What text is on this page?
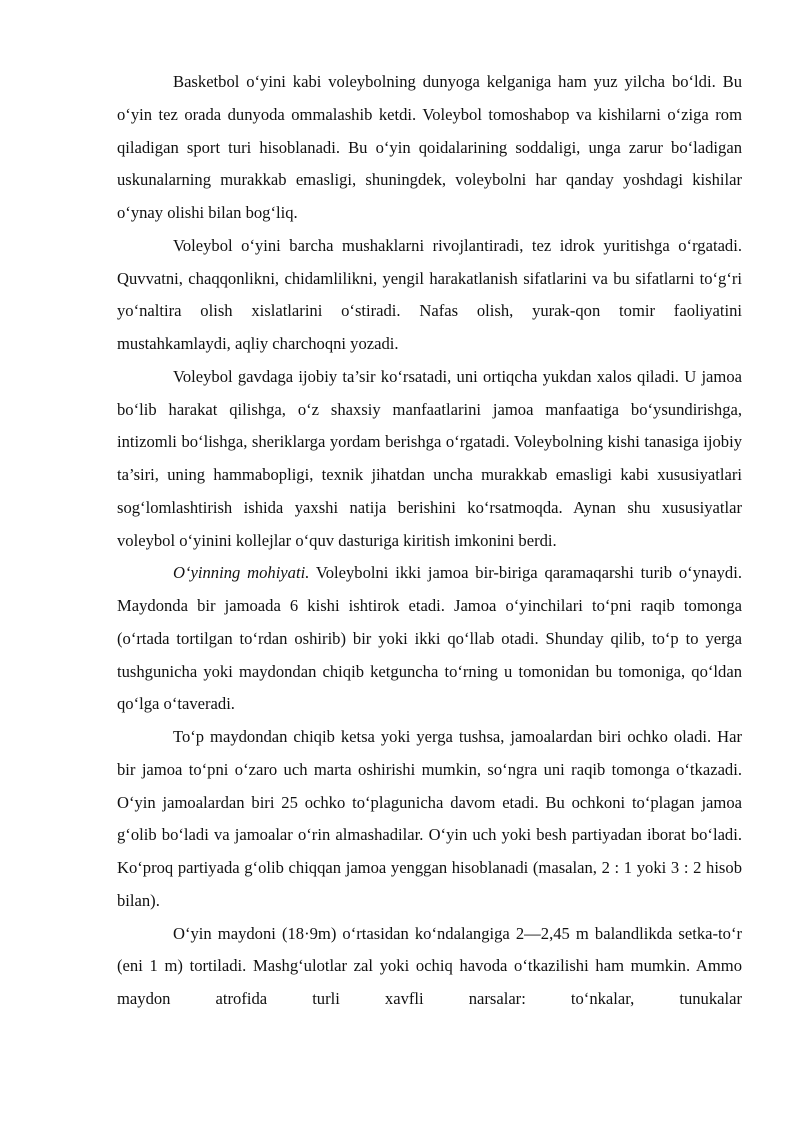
Basketbol o‘yini kabi voleybolning dunyoga kelganiga ham yuz yilcha bo‘ldi. Bu o‘yin tez orada dunyoda ommalashib ketdi. Voleybol tomoshabop va kishilarni o‘ziga rom qiladigan sport turi hisoblanadi. Bu o‘yin qoidalarining soddaligi, unga zarur bo‘ladigan uskunalarning murakkab emasligi, shuningdek, voleybolni har qanday yoshdagi kishilar o‘ynay olishi bilan bog‘liq.

Voleybol o‘yini barcha mushaklarni rivojlantiradi, tez idrok yuritishga o‘rgatadi. Quvvatni, chaqqonlikni, chidamlilikni, yengil harakatlanish sifatlarini va bu sifatlarni to‘g‘ri yo‘naltira olish xislatlarini o‘stiradi. Nafas olish, yurak-qon tomir faoliyatini mustahkamlaydi, aqliy charchoqni yozadi.

Voleybol gavdaga ijobiy ta’sir ko‘rsatadi, uni ortiqcha yukdan xalos qiladi. U jamoa bo‘lib harakat qilishga, o‘z shaxsiy manfaatlarini jamoa manfaatiga bo‘ysundirishga, intizomli bo‘lishga, sheriklarga yordam berishga o‘rgatadi. Voleybolning kishi tanasiga ijobiy ta’siri, uning hammabopligi, texnik jihatdan uncha murakkab emasligi kabi xususiyatlari sog‘lomlashtirish ishida yaxshi natija berishini ko‘rsatmoqda. Aynan shu xususiyatlar voleybol o‘yinini kollejlar o‘quv dasturiga kiritish imkonini berdi.

O‘yinning mohiyati. Voleybolni ikki jamoa bir-biriga qaramaqarshi turib o‘ynaydi. Maydonda bir jamoada 6 kishi ishtirok etadi. Jamoa o‘yinchilari to‘pni raqib tomonga (o‘rtada tortilgan to‘rdan oshirib) bir yoki ikki qo‘llab otadi. Shunday qilib, to‘p to yerga tushgunicha yoki maydondan chiqib ketguncha to‘rning u tomonidan bu tomoniga, qo‘ldan qo‘lga o‘taveradi.

To‘p maydondan chiqib ketsa yoki yerga tushsa, jamoalardan biri ochko oladi. Har bir jamoa to‘pni o‘zaro uch marta oshirishi mumkin, so‘ngra uni raqib tomonga o‘tkazadi. O‘yin jamoalardan biri 25 ochko to‘plagunicha davom etadi. Bu ochkoni to‘plagan jamoa g‘olib bo‘ladi va jamoalar o‘rin almashadilar. O‘yin uch yoki besh partiyadan iborat bo‘ladi. Ko‘proq partiyada g‘olib chiqqan jamoa yenggan hisoblanadi (masalan, 2 : 1 yoki 3 : 2 hisob bilan).

O‘yin maydoni (18·9m) o‘rtasidan ko‘ndalangiga 2—2,45 m balandlikda setka-to‘r (eni 1 m) tortiladi. Mashg‘ulotlar zal yoki ochiq havoda o‘tkazilishi ham mumkin. Ammo maydon atrofida turli xavfli narsalar: to‘nkalar, tunukalar
